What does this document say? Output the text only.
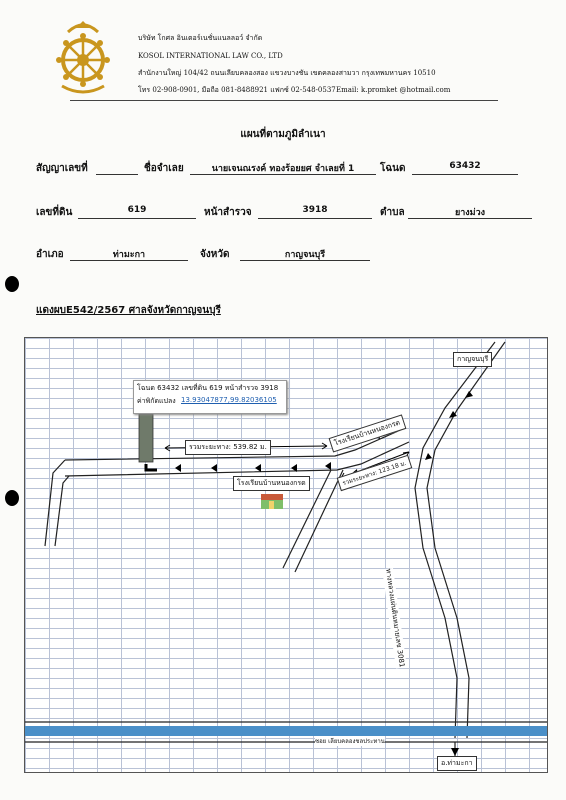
บริษัท โกศล อินเตอร์เนชั่นแนลลอว์ จำกัด
KOSOL INTERNATIONAL LAW CO., LTD
สำนักงานใหญ่ 104/42 ถนนเลียบคลองสอง แขวงบางชัน เขตคลองสามวา กรุงเทพมหานคร 10510
โทร 02-908-0901, มือถือ 081-8488921 แฟกซ์ 02-548-0537 Email: k.promket @hotmail.com
แผนที่ตามภูมิลำเนา
สัญญาเลขที่	ชื่อจำเลย	นายเจนณรงค์ ทองร้อยยศ จำเลยที่ 1	โฉนด	63432
เลขที่ดิน	619	หน้าสำรวจ	3918	ตำบล	ยางม่วง
อำเภอ	ท่ามะกา	จังหวัด	กาญจนบุรี
แดงผบE542/2567 ศาลจังหวัดกาญจนบุรี
โฉนด 63432 เลขที่ดิน 619 หน้าสำรวจ 3918
ค่าพิกัดแปลง 13.93047877,99.82036105
รวมระยะทาง: 539.82 ม.
รวมระยะทาง: 123.18 ม.
โรงเรียนบ้านหนองกรด
โรงเรียนบ้านหนองกรด
กาญจนบุรี
อ.ท่ามะกา
ซอย เลียบคลองชลประทาน
ทางหลวงแผ่นดินหมายเลข 3081
